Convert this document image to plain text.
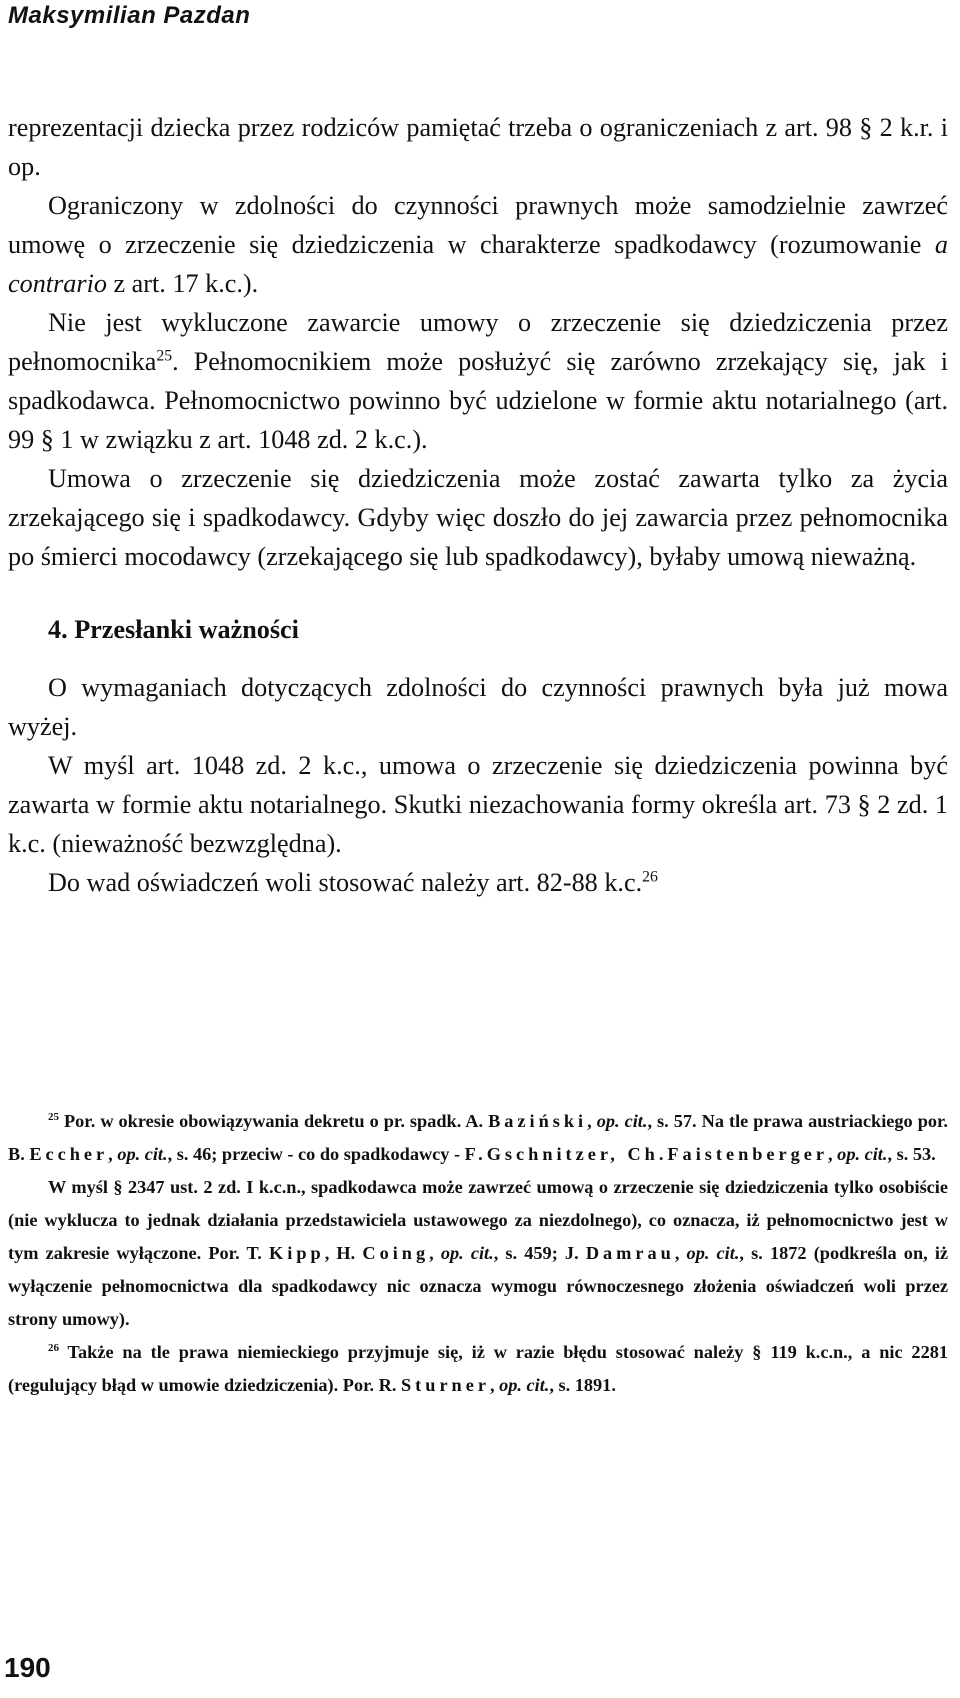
Maksymilian Pazdan

reprezentacji dziecka przez rodziców pamiętać trzeba o ograniczeniach z art. 98 § 2 k.r. i op.

Ograniczony w zdolności do czynności prawnych może samodzielnie zawrzeć umowę o zrzeczenie się dziedziczenia w charakterze spadkodawcy (rozumowanie a contrario z art. 17 k.c.).

Nie jest wykluczone zawarcie umowy o zrzeczenie się dziedziczenia przez pełnomocnika$^{25}$. Pełnomocnikiem może posłużyć się zarówno zrzekający się, jak i spadkodawca. Pełnomocnictwo powinno być udzielone w formie aktu notarialnego (art. 99 § 1 w związku z art. 1048 zd. 2 k.c.).

Umowa o zrzeczenie się dziedziczenia może zostać zawarta tylko za życia zrzekającego się i spadkodawcy. Gdyby więc doszło do jej zawarcia przez pełnomocnika po śmierci mocodawcy (zrzekającego się lub spadkodawcy), byłaby umową nieważną.

4. Przesłanki ważności

O wymaganiach dotyczących zdolności do czynności prawnych była już mowa wyżej.

W myśl art. 1048 zd. 2 k.c., umowa o zrzeczenie się dziedziczenia powinna być zawarta w formie aktu notarialnego. Skutki niezachowania formy określa art. 73 § 2 zd. 1 k.c. (nieważność bezwzględna).

Do wad oświadczeń woli stosować należy art. 82-88 k.c.$^{26}$

$^{25}$ Por. w okresie obowiązywania dekretu o pr. spadk. A. Baziński, op. cit., s. 57. Na tle prawa austriackiego por. B. Eccher, op. cit., s. 46; przeciw - co do spadkodawcy - F.Gschnitzer, Ch.Faistenberger, op. cit., s. 53.

W myśl § 2347 ust. 2 zd. I k.c.n., spadkodawca może zawrzeć umową o zrzeczenie się dziedziczenia tylko osobiście (nie wyklucza to jednak działania przedstawiciela ustawowego za niezdolnego), co oznacza, iż pełnomocnictwo jest w tym zakresie wyłączone. Por. T. Kipp, H. Coing, op. cit., s. 459; J. Damrau, op. cit., s. 1872 (podkreśla on, iż wyłączenie pełnomocnictwa dla spadkodawcy nic oznacza wymogu równoczesnego złożenia oświadczeń woli przez strony umowy).

$^{26}$ Także na tle prawa niemieckiego przyjmuje się, iż w razie błędu stosować należy § 119 k.c.n., a nic 2281 (regulujący błąd w umowie dziedziczenia). Por. R. Sturner, op. cit., s. 1891.

190
